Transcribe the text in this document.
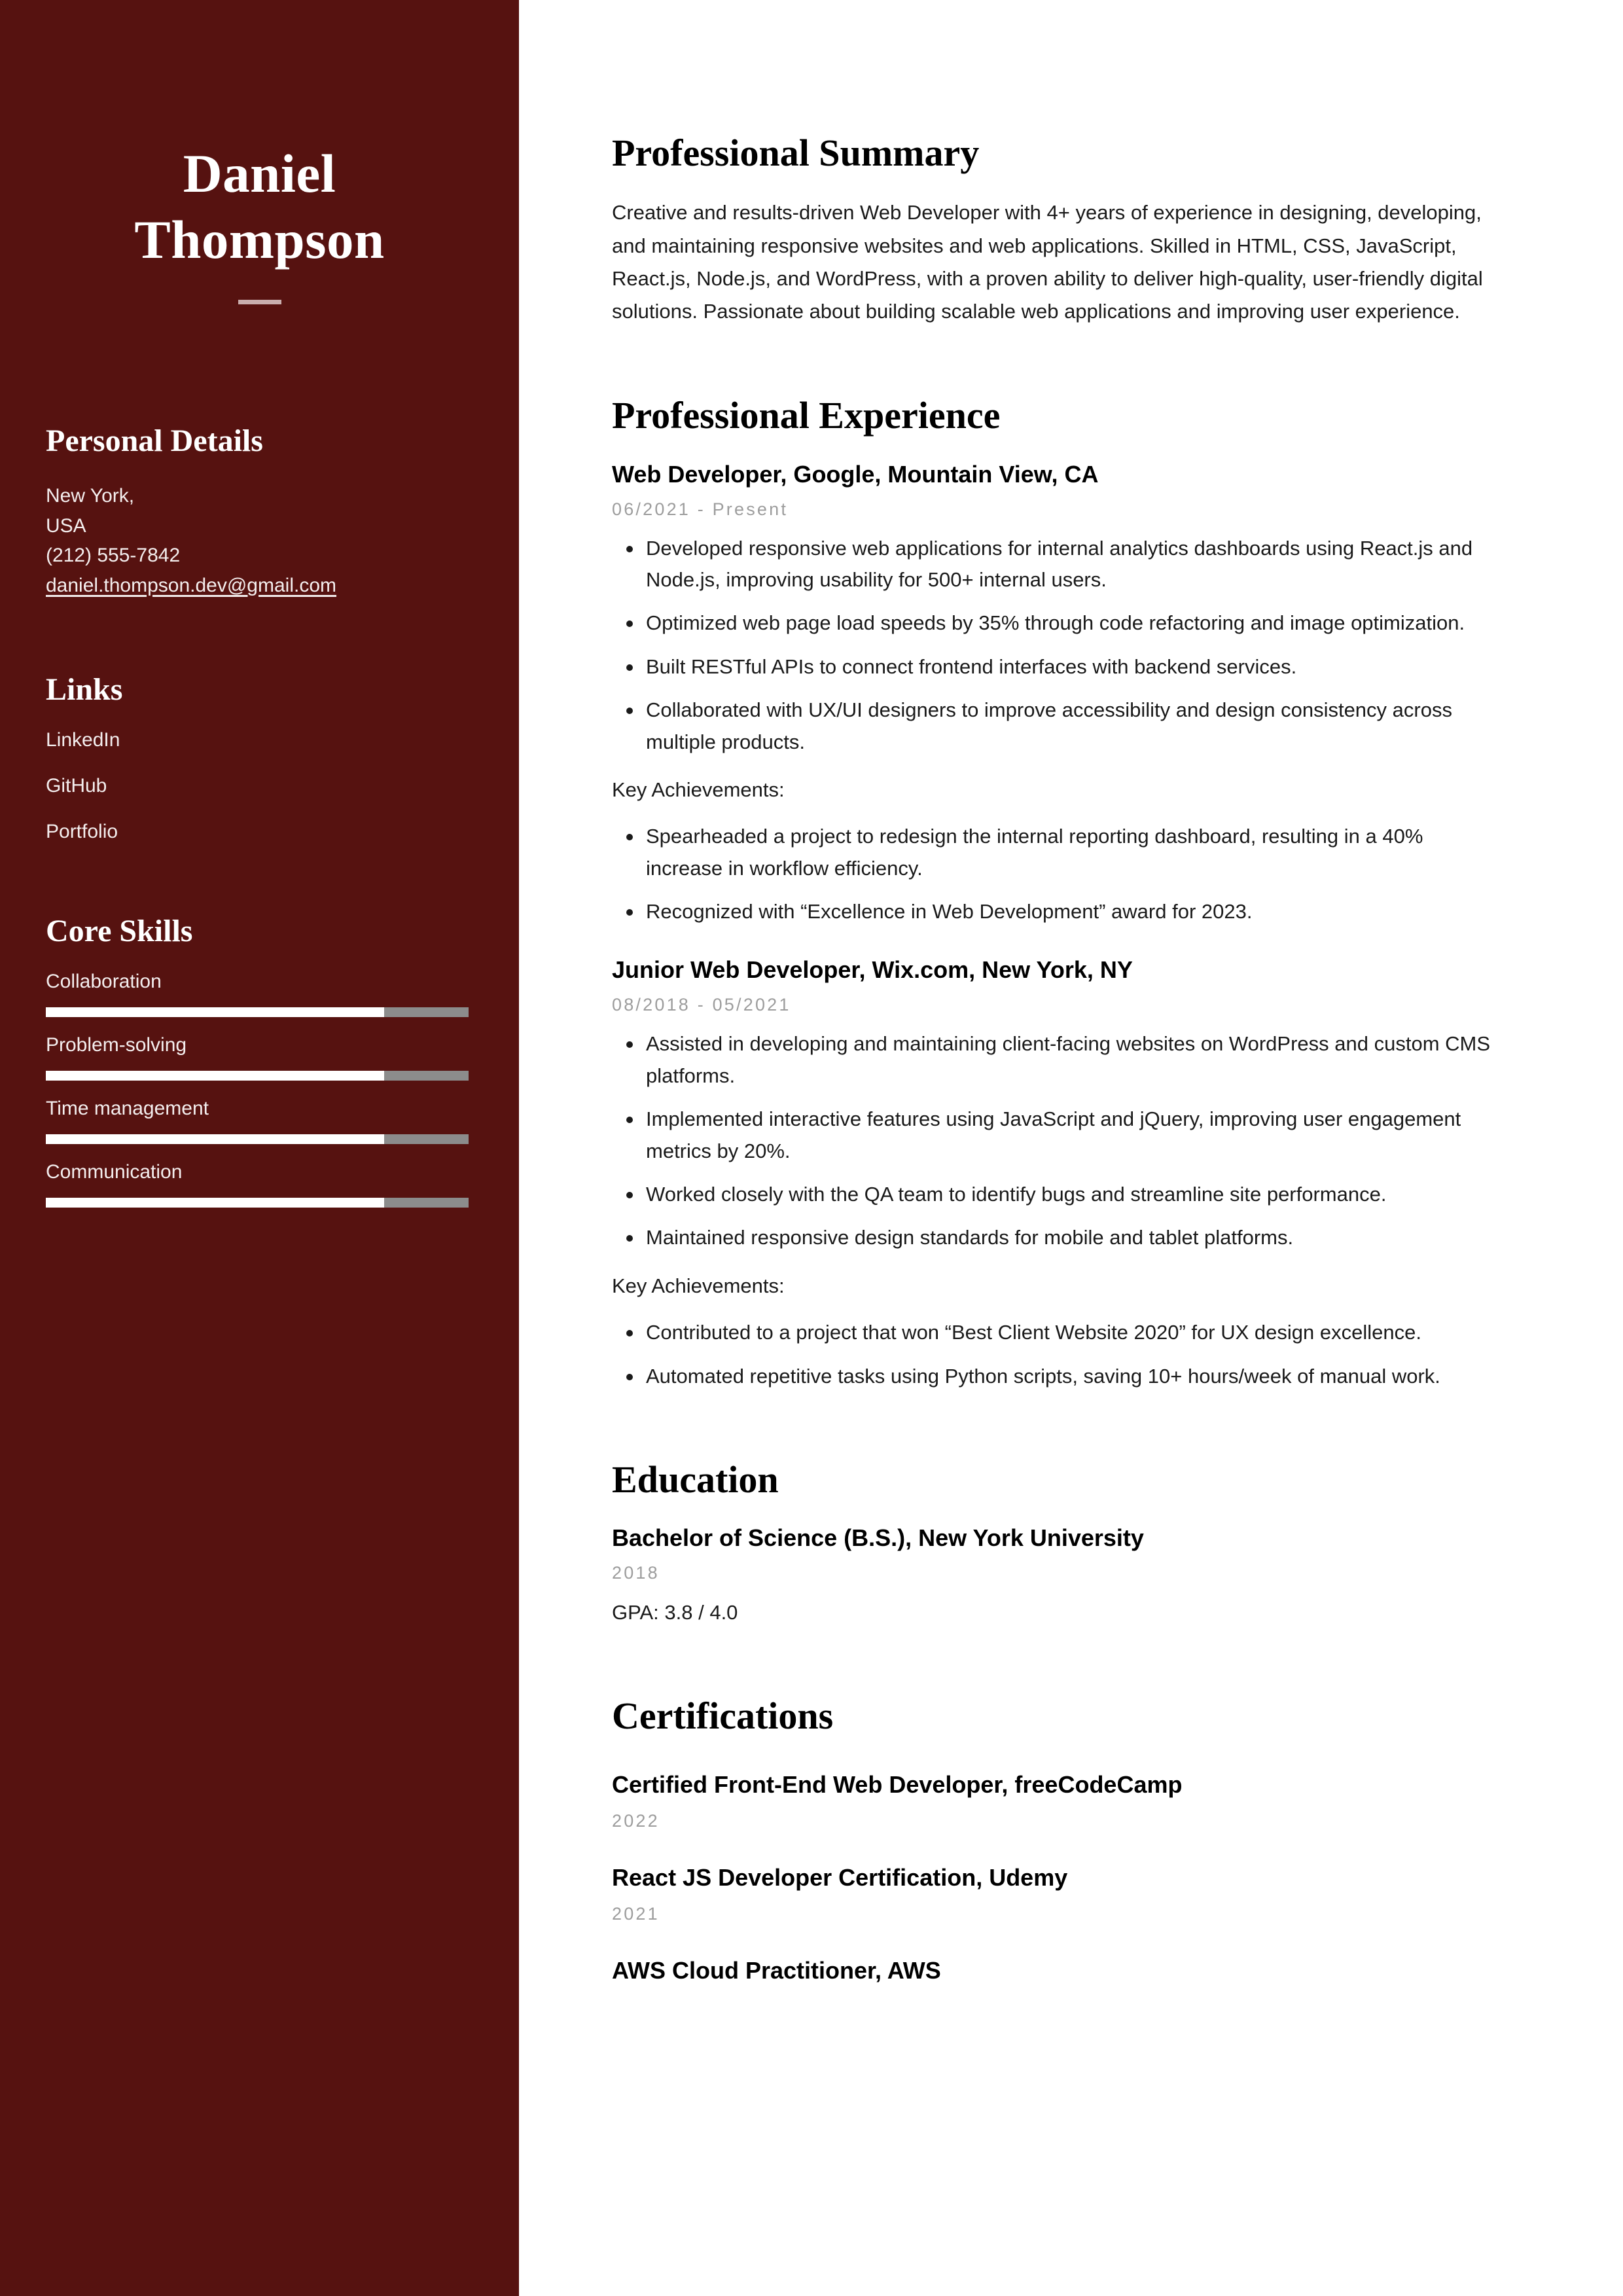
Daniel
Thompson
Personal Details
New York,
USA
(212) 555-7842
daniel.thompson.dev@gmail.com
Links
LinkedIn
GitHub
Portfolio
Core Skills
Collaboration
Problem-solving
Time management
Communication
Professional Summary

Creative and results-driven Web Developer with 4+ years of experience in designing, developing, and maintaining responsive websites and web applications. Skilled in HTML, CSS, JavaScript, React.js, Node.js, and WordPress, with a proven ability to deliver high-quality, user-friendly digital solutions. Passionate about building scalable web applications and improving user experience.

Professional Experience
Web Developer, Google, Mountain View, CA
06/2021 - Present
Developed responsive web applications for internal analytics dashboards using React.js and Node.js, improving usability for 500+ internal users.
Optimized web page load speeds by 35% through code refactoring and image optimization.
Built RESTful APIs to connect frontend interfaces with backend services.
Collaborated with UX/UI designers to improve accessibility and design consistency across multiple products.
Key Achievements:
Spearheaded a project to redesign the internal reporting dashboard, resulting in a 40% increase in workflow efficiency.
Recognized with “Excellence in Web Development” award for 2023.
Junior Web Developer, Wix.com, New York, NY
08/2018 - 05/2021
Assisted in developing and maintaining client-facing websites on WordPress and custom CMS platforms.
Implemented interactive features using JavaScript and jQuery, improving user engagement metrics by 20%.
Worked closely with the QA team to identify bugs and streamline site performance.
Maintained responsive design standards for mobile and tablet platforms.
Key Achievements:
Contributed to a project that won “Best Client Website 2020” for UX design excellence.
Automated repetitive tasks using Python scripts, saving 10+ hours/week of manual work.
Education
Bachelor of Science (B.S.), New York University
2018
GPA: 3.8 / 4.0
Certifications
Certified Front-End Web Developer, freeCodeCamp
2022
React JS Developer Certification, Udemy
2021
AWS Cloud Practitioner, AWS
